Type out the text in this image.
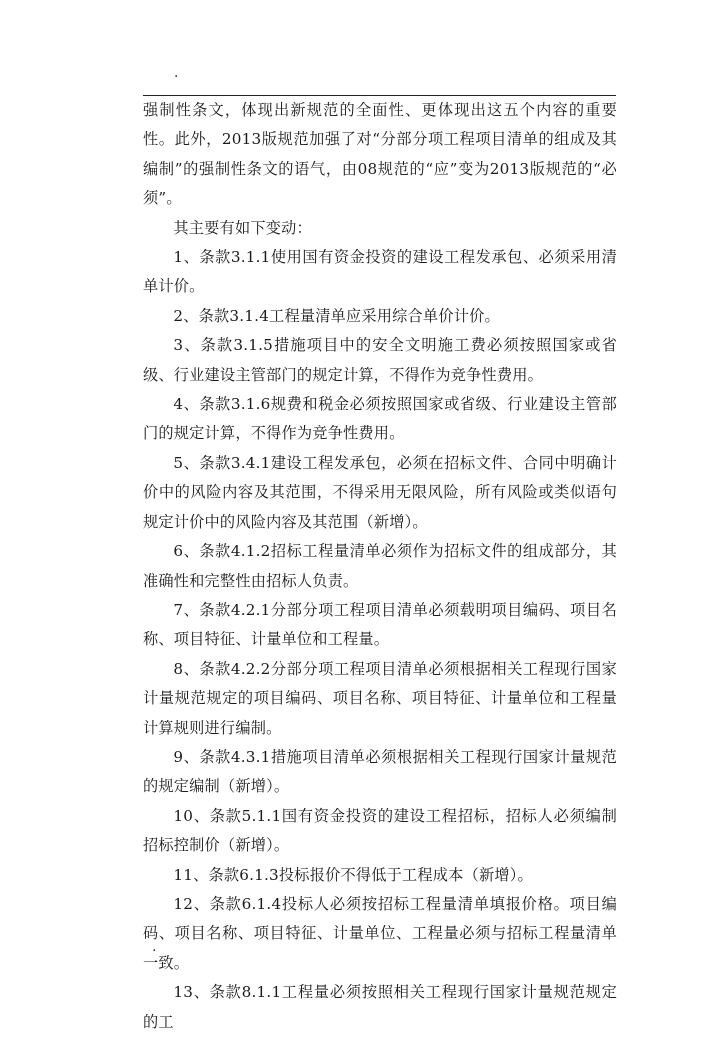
.

强制性条文，体现出新规范的全面性、更体现出这五个内容的重要性。此外，2013版规范加强了对“分部分项工程项目清单的组成及其编制”的强制性条文的语气，由08规范的“应”变为2013版规范的“必须”。

其主要有如下变动：

1、条款3.1.1使用国有资金投资的建设工程发承包、必须采用清单计价。

2、条款3.1.4工程量清单应采用综合单价计价。

3、条款3.1.5措施项目中的安全文明施工费必须按照国家或省级、行业建设主管部门的规定计算，不得作为竞争性费用。

4、条款3.1.6规费和税金必须按照国家或省级、行业建设主管部门的规定计算，不得作为竞争性费用。

5、条款3.4.1建设工程发承包，必须在招标文件、合同中明确计价中的风险内容及其范围，不得采用无限风险，所有风险或类似语句规定计价中的风险内容及其范围（新增）。

6、条款4.1.2招标工程量清单必须作为招标文件的组成部分，其准确性和完整性由招标人负责。

7、条款4.2.1分部分项工程项目清单必须载明项目编码、项目名称、项目特征、计量单位和工程量。

8、条款4.2.2分部分项工程项目清单必须根据相关工程现行国家计量规范规定的项目编码、项目名称、项目特征、计量单位和工程量计算规则进行编制。

9、条款4.3.1措施项目清单必须根据相关工程现行国家计量规范的规定编制（新增）。

10、条款5.1.1国有资金投资的建设工程招标，招标人必须编制招标控制价（新增）。

11、条款6.1.3投标报价不得低于工程成本（新增）。

12、条款6.1.4投标人必须按招标工程量清单填报价格。项目编码、项目名称、项目特征、计量单位、工程量必须与招标工程量清单一致。

13、条款8.1.1工程量必须按照相关工程现行国家计量规范规定的工

.
